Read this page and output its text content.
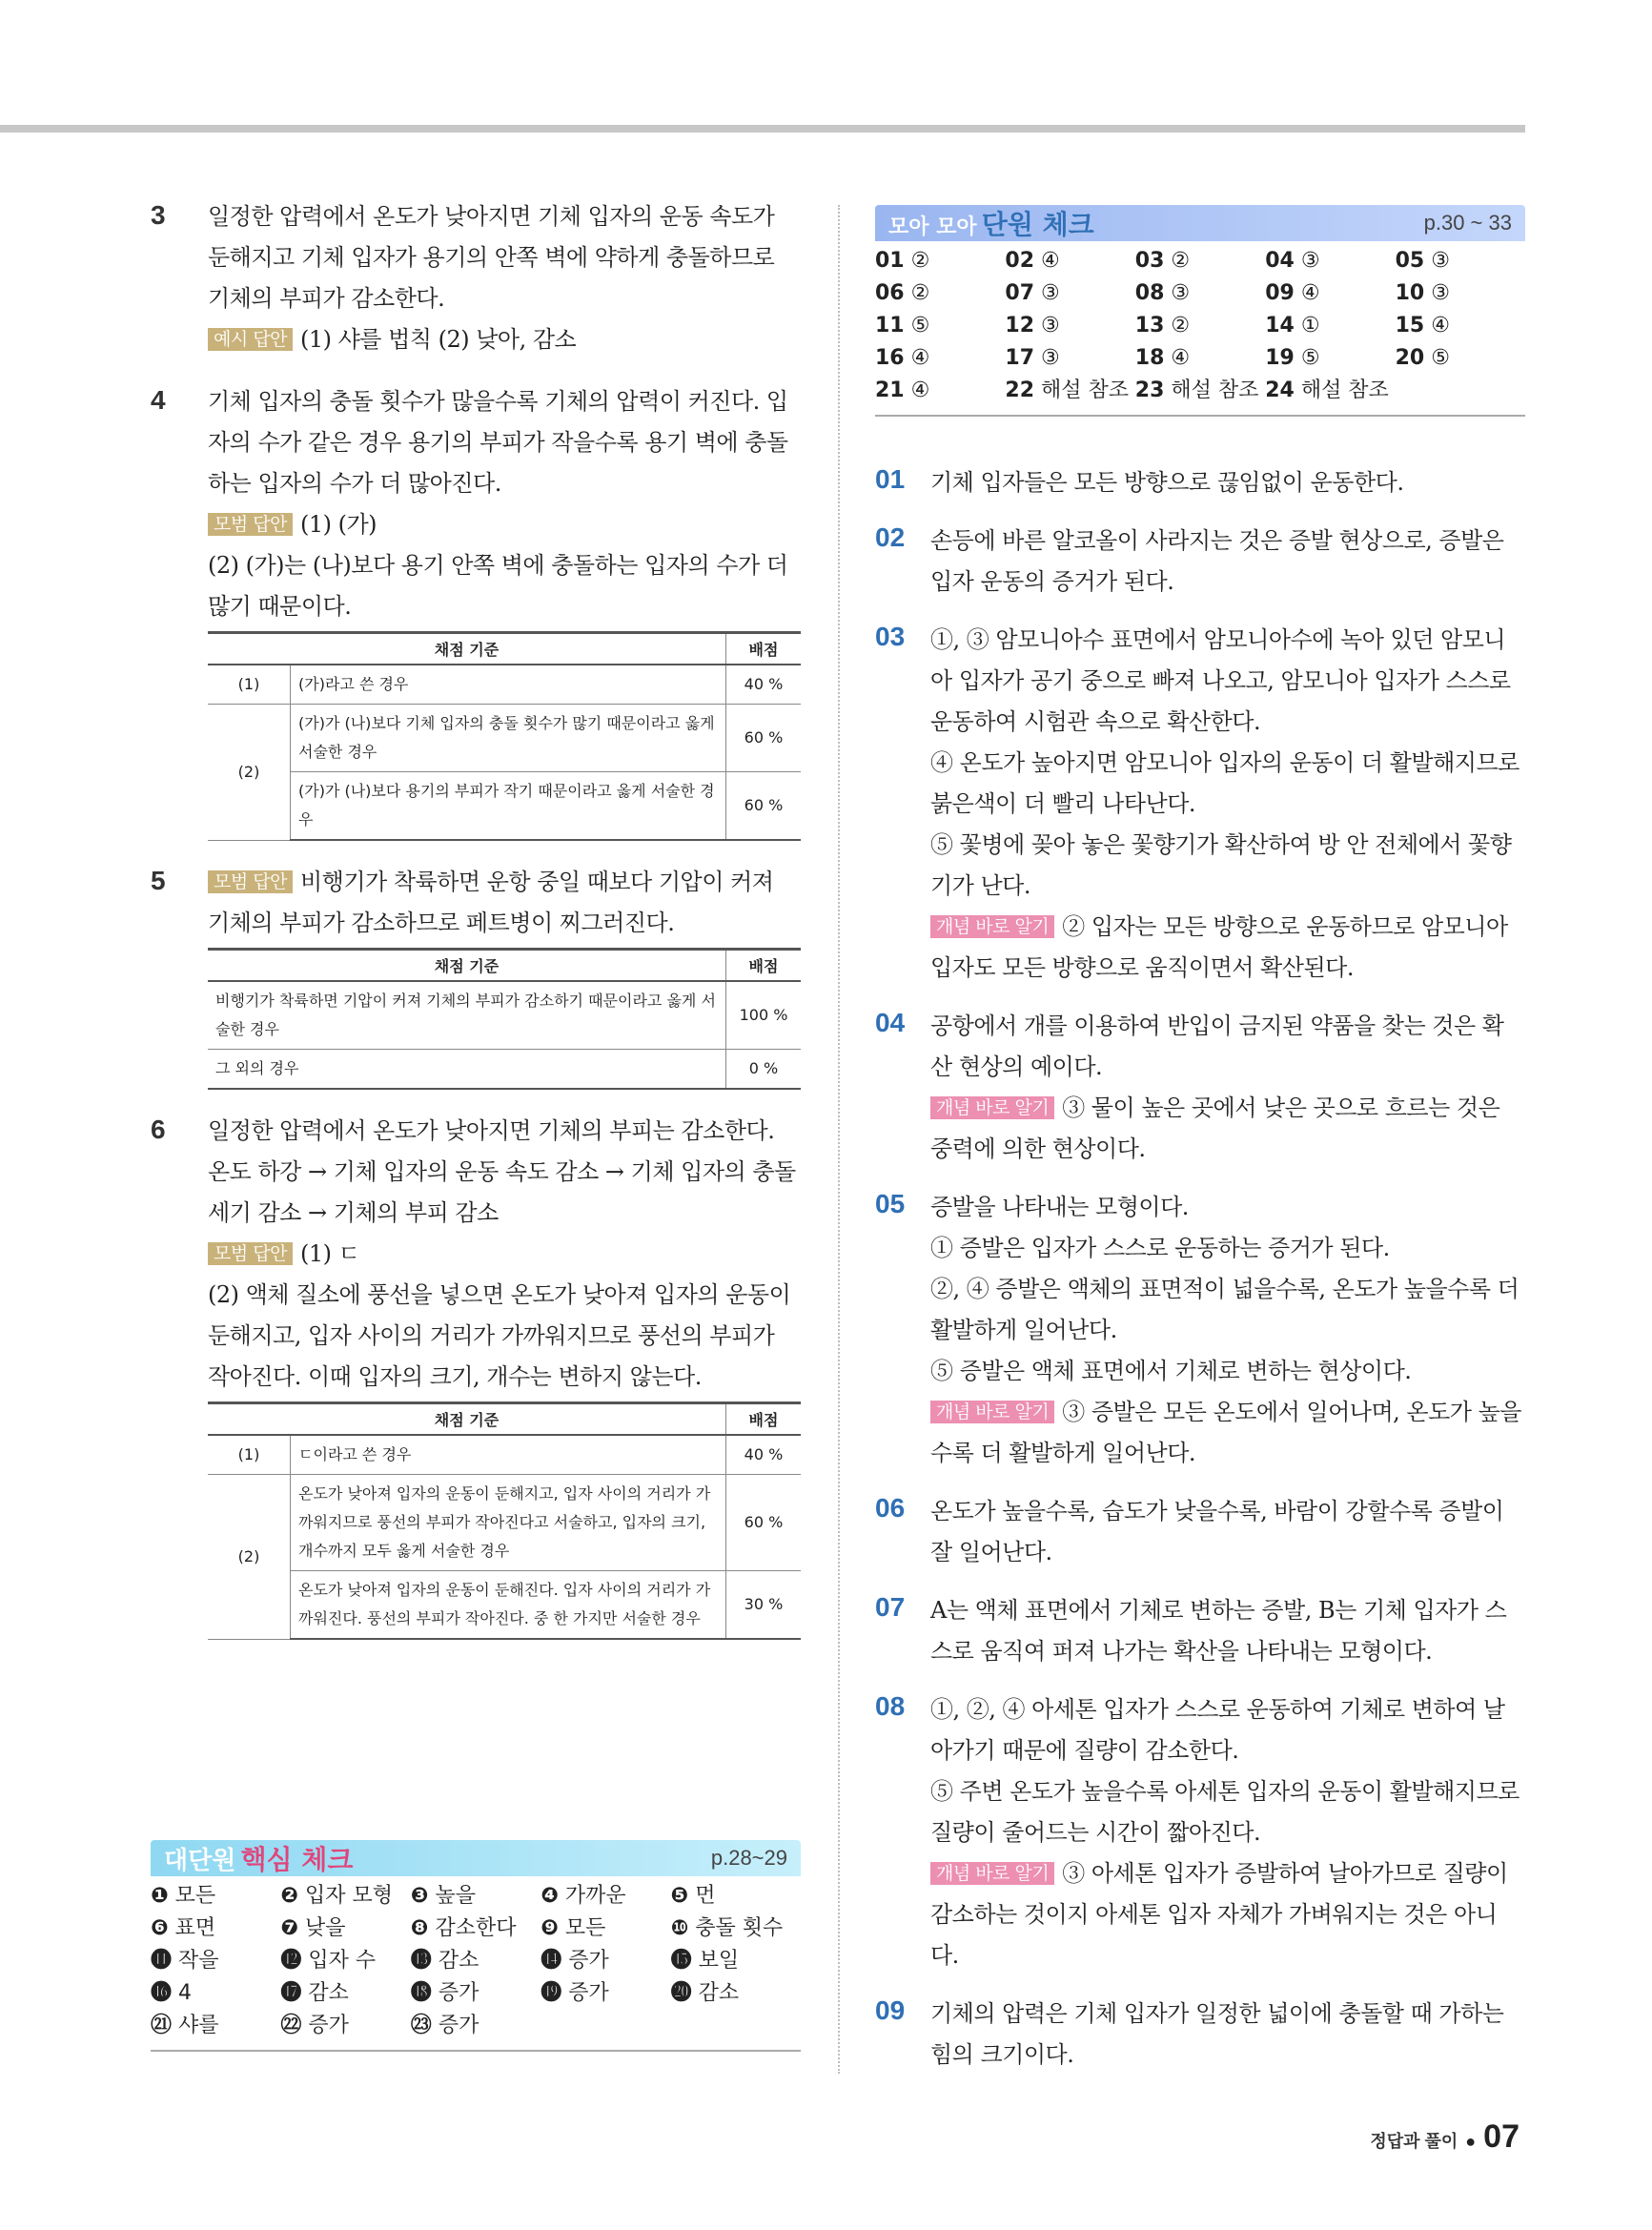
3 일정한 압력에서 온도가 낮아지면 기체 입자의 운동 속도가 둔해지고 기체 입자가 용기의 안쪽 벽에 약하게 충돌하므로 기체의 부피가 감소한다.

예시 답안 (1) 샤를 법칙 (2) 낮아, 감소

4 기체 입자의 충돌 횟수가 많을수록 기체의 압력이 커진다. 입자의 수가 같은 경우 용기의 부피가 작을수록 용기 벽에 충돌하는 입자의 수가 더 많아진다.

모범 답안 (1) (가)

(2) (가)는 (나)보다 용기 안쪽 벽에 충돌하는 입자의 수가 더 많기 때문이다.

채점 기준		배점
(1)	(가)라고 쓴 경우	40 %
(2)	(가)가 (나)보다 기체 입자의 충돌 횟수가 많기 때문이라고 옳게 서술한 경우	60 %
	(가)가 (나)보다 용기의 부피가 작기 때문이라고 옳게 서술한 경우	60 %
5	모범 답안 비행기가 착륙하면 운항 중일 때보다 기압이 커져 기체의 부피가 감소하므로 페트병이 찌그러진다.

채점 기준	배점
비행기가 착륙하면 기압이 커져 기체의 부피가 감소하기 때문이라고 옳게 서술한 경우	100 %
그 외의 경우	0 %
6 일정한 압력에서 온도가 낮아지면 기체의 부피는 감소한다. 온도 하강 → 기체 입자의 운동 속도 감소 → 기체 입자의 충돌 세기 감소 → 기체의 부피 감소

모범 답안 (1) ㄷ

(2) 액체 질소에 풍선을 넣으면 온도가 낮아져 입자의 운동이 둔해지고, 입자 사이의 거리가 가까워지므로 풍선의 부피가 작아진다. 이때 입자의 크기, 개수는 변하지 않는다.

채점 기준		배점
(1)	ㄷ이라고 쓴 경우	40 %
(2)	온도가 낮아져 입자의 운동이 둔해지고, 입자 사이의 거리가 가까워지므로 풍선의 부피가 작아진다고 서술하고, 입자의 크기, 개수까지 모두 옳게 서술한 경우	60 %
	온도가 낮아져 입자의 운동이 둔해진다. 입자 사이의 거리가 가까워진다. 풍선의 부피가 작아진다. 중 한 가지만 서술한 경우	30 %
대단원 핵심 체크	p.28~29
❶ 모든	❷ 입자 모형 ❸ 높을	❹ 가까운	❺ 먼
❻ 표면	❼ 낮을	❽ 감소한다	❾ 모든	❿ 충돌 횟수
⓫ 작을	⓬ 입자 수	⓭ 감소	⓮ 증가	⓯ 보일
⓰ 4	⓱ 감소	⓲ 증가	⓳ 증가	⓴ 감소
㉑ 샤를	㉒ 증가	㉓ 증가
모아 모아 단원 체크	p.30 ~ 33
01 ②	02 ④	03 ②	04 ③	05 ③
06 ②	07 ③	08 ③	09 ④	10 ③
11 ⑤	12 ③	13 ②	14 ①	15 ④
16 ④	17 ③	18 ④	19 ⑤	20 ⑤
21 ④	22 해설 참조 23 해설 참조 24 해설 참조
01 기체 입자들은 모든 방향으로 끊임없이 운동한다.

02 손등에 바른 알코올이 사라지는 것은 증발 현상으로, 증발은 입자 운동의 증거가 된다.

03 ①, ③ 암모니아수 표면에서 암모니아수에 녹아 있던 암모니아 입자가 공기 중으로 빠져 나오고, 암모니아 입자가 스스로 운동하여 시험관 속으로 확산한다.

④ 온도가 높아지면 암모니아 입자의 운동이 더 활발해지므로 붉은색이 더 빨리 나타난다.

⑤ 꽃병에 꽂아 놓은 꽃향기가 확산하여 방 안 전체에서 꽃향기가 난다.

개념 바로 알기 ② 입자는 모든 방향으로 운동하므로 암모니아 입자도 모든 방향으로 움직이면서 확산된다.

04 공항에서 개를 이용하여 반입이 금지된 약품을 찾는 것은 확산 현상의 예이다.

개념 바로 알기 ③ 물이 높은 곳에서 낮은 곳으로 흐르는 것은 중력에 의한 현상이다.

05 증발을 나타내는 모형이다.

① 증발은 입자가 스스로 운동하는 증거가 된다.

②, ④ 증발은 액체의 표면적이 넓을수록, 온도가 높을수록 더 활발하게 일어난다.

⑤ 증발은 액체 표면에서 기체로 변하는 현상이다.

개념 바로 알기 ③ 증발은 모든 온도에서 일어나며, 온도가 높을수록 더 활발하게 일어난다.

06 온도가 높을수록, 습도가 낮을수록, 바람이 강할수록 증발이 잘 일어난다.

07 A는 액체 표면에서 기체로 변하는 증발, B는 기체 입자가 스스로 움직여 퍼져 나가는 확산을 나타내는 모형이다.

08 ①, ②, ④ 아세톤 입자가 스스로 운동하여 기체로 변하여 날아가기 때문에 질량이 감소한다.

⑤ 주변 온도가 높을수록 아세톤 입자의 운동이 활발해지므로 질량이 줄어드는 시간이 짧아진다.

개념 바로 알기 ③ 아세톤 입자가 증발하여 날아가므로 질량이 감소하는 것이지 아세톤 입자 자체가 가벼워지는 것은 아니다.

09 기체의 압력은 기체 입자가 일정한 넓이에 충돌할 때 가하는 힘의 크기이다.

정답과 풀이 ● 07
